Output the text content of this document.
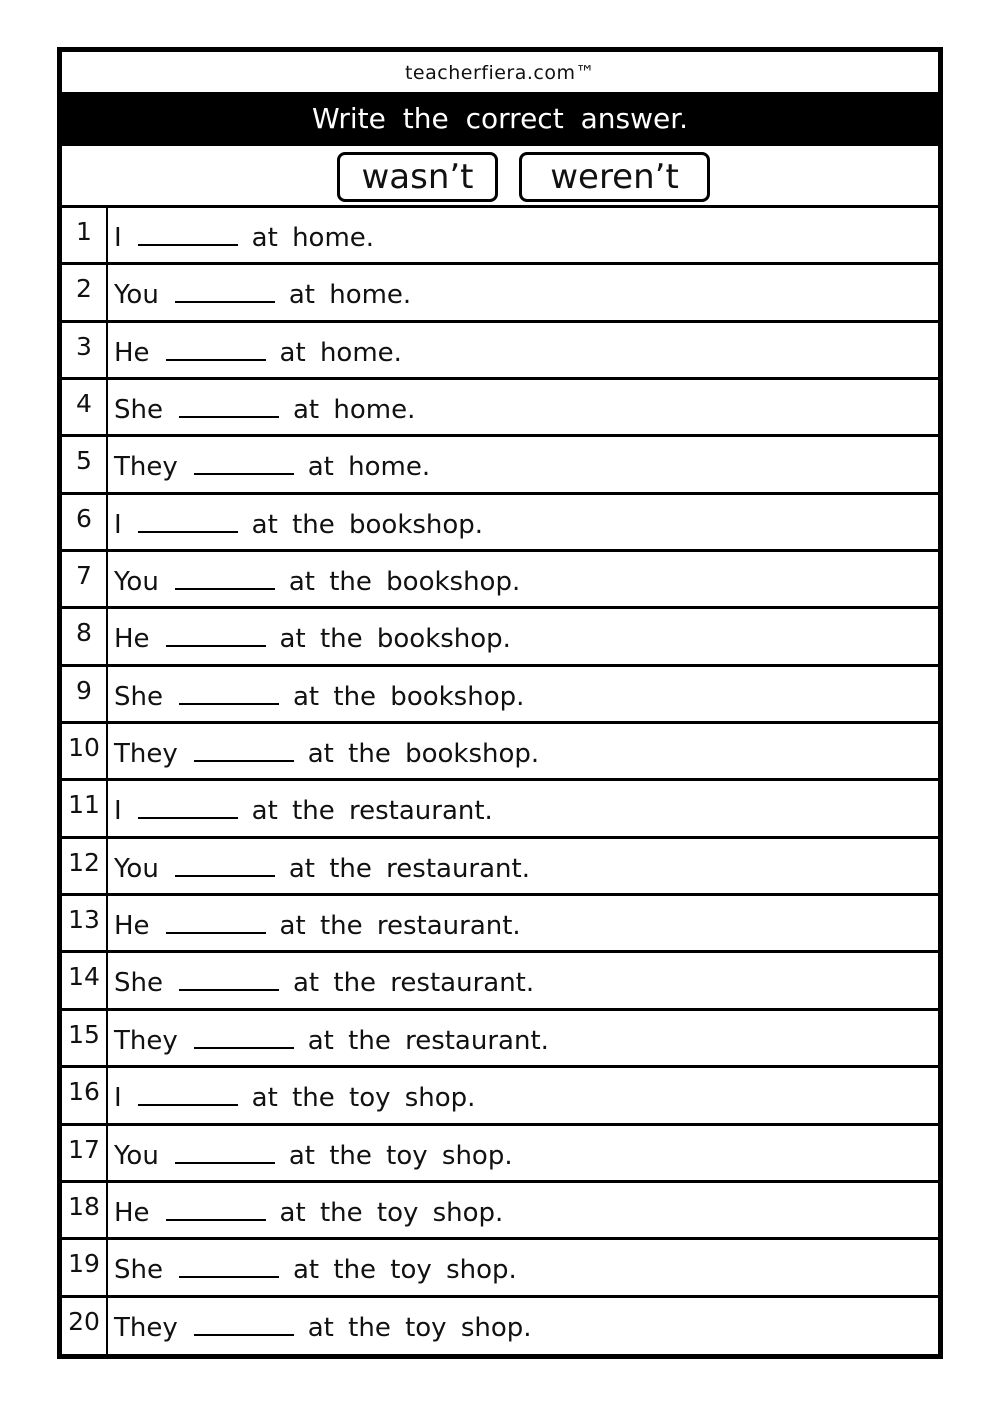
teacherfiera.com™
Write the correct answer.
wasn’t	weren’t
1 I	at home.
2 You	at home.
3 He	at home.
4 She	at home.
5 They	at home.
6 I	at the bookshop.
7 You	at the bookshop.
8 He	at the bookshop.
9 She	at the bookshop.
10 They	at the bookshop.
11 I	at the restaurant.
12 You	at the restaurant.
13 He	at the restaurant.
14 She	at the restaurant.
15 They	at the restaurant.
16 I	at the toy shop.
17 You	at the toy shop.
18 He	at the toy shop.
19 She	at the toy shop.
20 They	at the toy shop.
